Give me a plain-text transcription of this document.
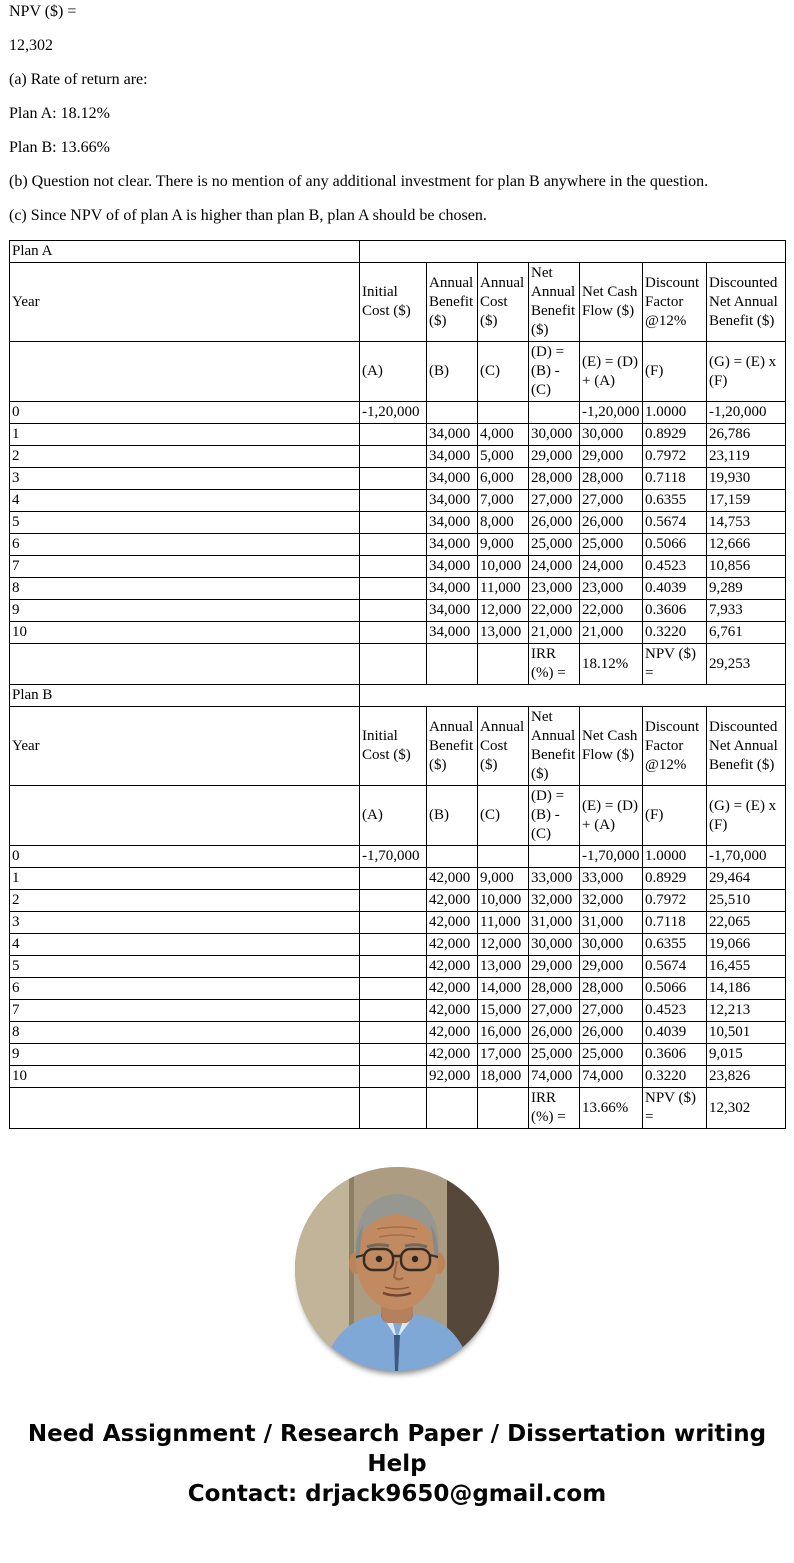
NPV ($) =

12,302

(a) Rate of return are:

Plan A: 18.12%

Plan B: 13.66%

(b) Question not clear. There is no mention of any additional investment for plan B anywhere in the question.

(c) Since NPV of of plan A is higher than plan B, plan A should be chosen.

Plan A							
Year	Initial Cost ($)	Annual Benefit ($)	Annual Cost ($)	Net Annual Benefit ($)	Net Cash Flow ($)	Discount Factor @12%	Discounted Net Annual Benefit ($)
	(A)	(B)	(C)	(D) = (B) - (C)	(E) = (D) + (A)	(F)	(G) = (E) x (F)
0	-1,20,000				-1,20,000	1.0000	-1,20,000
1		34,000	4,000	30,000	30,000	0.8929	26,786
2		34,000	5,000	29,000	29,000	0.7972	23,119
3		34,000	6,000	28,000	28,000	0.7118	19,930
4		34,000	7,000	27,000	27,000	0.6355	17,159
5		34,000	8,000	26,000	26,000	0.5674	14,753
6		34,000	9,000	25,000	25,000	0.5066	12,666
7		34,000	10,000	24,000	24,000	0.4523	10,856
8		34,000	11,000	23,000	23,000	0.4039	9,289
9		34,000	12,000	22,000	22,000	0.3606	7,933
10		34,000	13,000	21,000	21,000	0.3220	6,761
				IRR (%) =	18.12%	NPV ($) =	29,253
Plan B							
Year	Initial Cost ($)	Annual Benefit ($)	Annual Cost ($)	Net Annual Benefit ($)	Net Cash Flow ($)	Discount Factor @12%	Discounted Net Annual Benefit ($)
	(A)	(B)	(C)	(D) = (B) - (C)	(E) = (D) + (A)	(F)	(G) = (E) x (F)
0	-1,70,000				-1,70,000	1.0000	-1,70,000
1		42,000	9,000	33,000	33,000	0.8929	29,464
2		42,000	10,000	32,000	32,000	0.7972	25,510
3		42,000	11,000	31,000	31,000	0.7118	22,065
4		42,000	12,000	30,000	30,000	0.6355	19,066
5		42,000	13,000	29,000	29,000	0.5674	16,455
6		42,000	14,000	28,000	28,000	0.5066	14,186
7		42,000	15,000	27,000	27,000	0.4523	12,213
8		42,000	16,000	26,000	26,000	0.4039	10,501
9		42,000	17,000	25,000	25,000	0.3606	9,015
10		92,000	18,000	74,000	74,000	0.3220	23,826
				IRR (%) =	13.66%	NPV ($) =	12,302
Need Assignment / Research Paper / Dissertation writing Help
Contact: drjack9650@gmail.com
